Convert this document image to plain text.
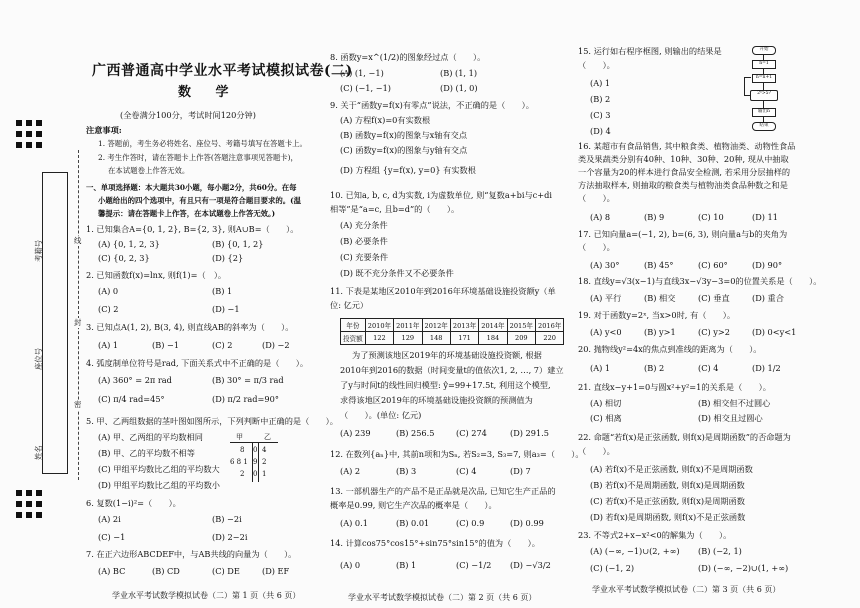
考籍号
座位号
姓名
线
封
密
广西普通高中学业水平考试模拟试卷(二)
数 学
(全卷满分100分，考试时间120分钟)
注意事项:
1. 答题前，考生务必将姓名、座位号、考籍号填写在答题卡上。
2. 考生作答时，请在答题卡上作答(答题注意事项见答题卡)，
在本试题卷上作答无效。
一、单项选择题：本大题共30小题，每小题2分，共60分。在每
小题给出的四个选项中，有且只有一项是符合题目要求的。(温
馨提示：请在答题卡上作答，在本试题卷上作答无效。)
1. 已知集合A={0, 1, 2}, B={2, 3}, 则A∪B=（　　）。
(A) {0, 1, 2, 3}	(B) {0, 1, 2}
(C) {0, 2, 3}	(D) {2}
2. 已知函数f(x)=lnx, 则f(1)=（　）。
(A) 0	(B) 1
(C) 2	(D) −1
3. 已知点A(1, 2), B(3, 4), 则直线AB的斜率为（　　）。
(A) 1	(B) −1	(C) 2	(D) −2
4. 弧度制单位符号是rad, 下面关系式中不正确的是（　　）。
(A) 360° = 2π rad	(B) 30° = π/3 rad
(C) π/4 rad=45°	(D) π/2 rad=90°
5. 甲、乙两组数据的茎叶图如图所示，下列判断中正确的是（　　）。
(A) 甲、乙两组的平均数相同
(B) 甲、乙的平均数不相等
(C) 甲组平均数比乙组的平均数大
(D) 甲组平均数比乙组的平均数小
甲	乙
8 0 4
6 8 1 9 2
2 0 1
6. 复数(1−i)²=（　　）。
(A) 2i	(B) −2i
(C) −1	(D) 2−2i
7. 在正六边形ABCDEF中，与AB共线的向量为（　　）。
(A) BC	(B) CD	(C) DE	(D) EF
学业水平考试数学模拟试卷（二）第 1 页（共 6 页）
8. 函数y=x^(1/2)的图象经过点（　　）。
(A) (1, −1)	(B) (1, 1)
(C) (−1, −1)	(D) (1, 0)
9. 关于“函数y=f(x)有零点”说法，不正确的是（　　）。
(A) 方程f(x)=0有实数根
(B) 函数y=f(x)的图象与x轴有交点
(C) 函数y=f(x)的图象与y轴有交点
(D) 方程组 {y=f(x), y=0} 有实数根
10. 已知a, b, c, d为实数, i为虚数单位, 则“复数a+bi与c+di相等”是“a=c, 且b=d”的（　　）。
(A) 充分条件
(B) 必要条件
(C) 充要条件
(D) 既不充分条件又不必要条件
11. 下表是某地区2010年到2016年环境基础设施投资额y（单位: 亿元）
年份	2010年	2011年	2012年	2013年	2014年	2015年	2016年
投资额	122	129	148	171	184	209	220
为了预测该地区2019年的环境基础设施投资额, 根据
2010年到2016的数据（时间变量t的值依次1, 2, …, 7）建立
了y与时间t的线性回归模型: ŷ=99+17.5t, 利用这个模型,
求得该地区2019年的环境基础设施投资额的预测值为
（　　）。(单位: 亿元)
(A) 239	(B) 256.5	(C) 274	(D) 291.5
12. 在数列{aₙ}中, 其前n项和为Sₙ, 若S₂=3, S₃=7, 则a₃=（　　）。
(A) 2	(B) 3	(C) 4	(D) 7
13. 一部机器生产的产品不是正品就是次品, 已知它生产正品的概率是0.99, 则它生产次品的概率是（　　）。
(A) 0.1	(B) 0.01	(C) 0.9	(D) 0.99
14. 计算cos75°cos15°+sin75°sin15°的值为（　　）。
(A) 0	(B) 1	(C) −1/2 (D) −√3/2
学业水平考试数学模拟试卷（二）第 2 页（共 6 页）
15. 运行如右程序框图, 则输出的结果是（　　）。
(A) 1
(B) 2
(C) 3
(D) 4
开始
n=1
n=n+1
2ⁿ>5?
输出n
结束
16. 某超市有食品销售, 其中粮食类、植物油类、动物性食品类及果蔬类分别有40种、10种、30种、20种, 现从中抽取一个容量为20的样本进行食品安全检测, 若采用分层抽样的方法抽取样本, 则抽取的粮食类与植物油类食品种数之和是（　　）。
(A) 8	(B) 9	(C) 10	(D) 11
17. 已知向量a=(−1, 2), b=(6, 3), 则向量a与b的夹角为（　　）。
(A) 30°	(B) 45°	(C) 60°	(D) 90°
18. 直线y=√3(x−1)与直线3x−√3y−3=0的位置关系是（　　）。
(A) 平行	(B) 相交	(C) 垂直	(D) 重合
19. 对于函数y=2ˣ, 当x>0时, 有（　　）。
(A) y<0	(B) y>1	(C) y>2	(D) 0<y<1
20. 抛物线y²=4x的焦点到准线的距离为（　　）。
(A) 1	(B) 2	(C) 4	(D) 1/2
21. 直线x−y+1=0与圆x²+y²=1的关系是（　　）。
(A) 相切	(B) 相交但不过圆心
(C) 相离	(D) 相交且过圆心
22. 命题“若f(x)是正弦函数, 则f(x)是周期函数”的否命题为（　　）。
(A) 若f(x)不是正弦函数, 则f(x)不是周期函数
(B) 若f(x)不是周期函数, 则f(x)是周期函数
(C) 若f(x)不是正弦函数, 则f(x)是周期函数
(D) 若f(x)是周期函数, 则f(x)不是正弦函数
23. 不等式2+x−x²<0的解集为（　　）。
(A) (−∞, −1)∪(2, +∞) (B) (−2, 1)
(C) (−1, 2)	(D) (−∞, −2)∪(1, +∞)
学业水平考试数学模拟试卷（二）第 3 页（共 6 页）
